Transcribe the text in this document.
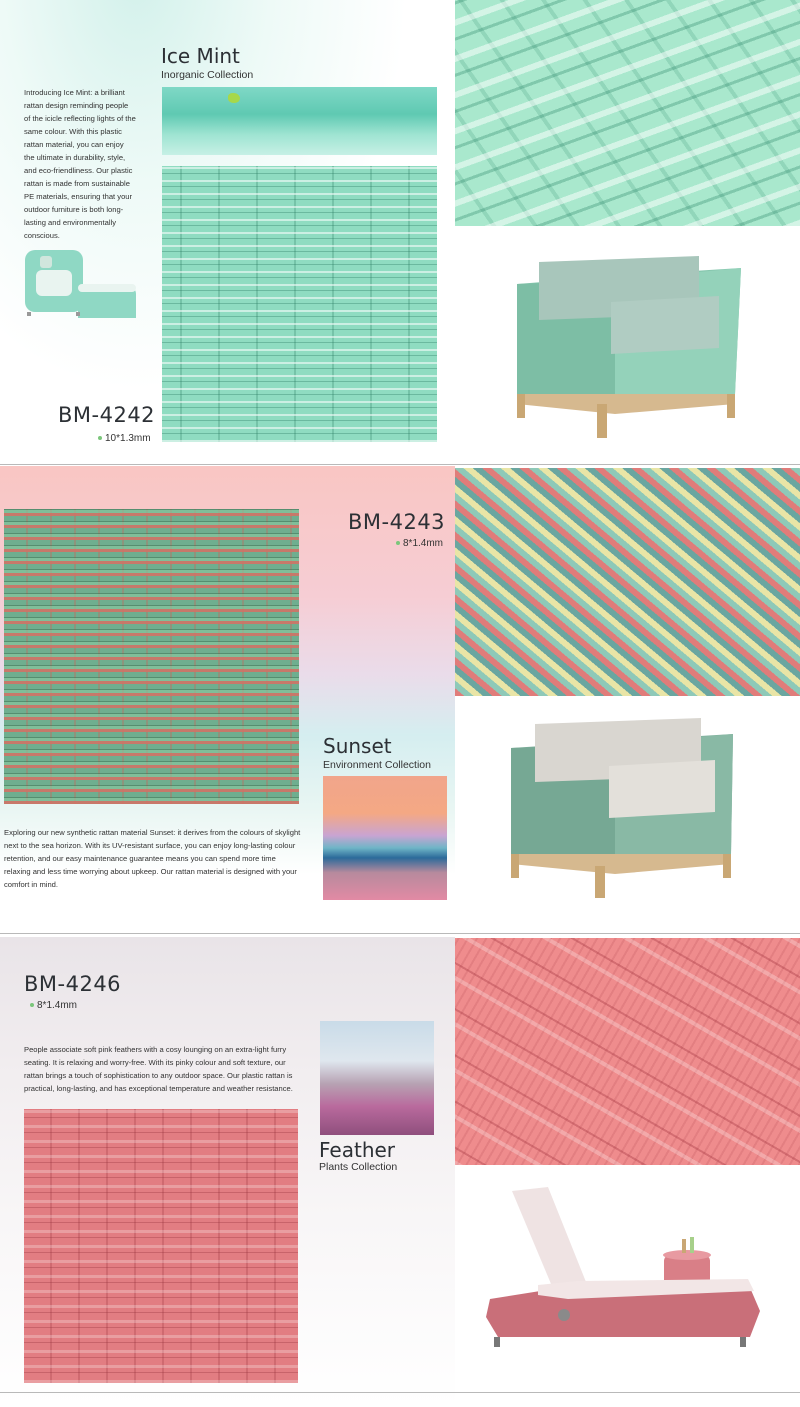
Introducing Ice Mint: a brilliant rattan design reminding people of the icicle reflecting lights of the same colour. With this plastic rattan material, you can enjoy the ultimate in durability, style, and eco-friendliness. Our plastic rattan is made from sustainable PE materials, ensuring that your outdoor furniture is both long-lasting and environmentally conscious.
Ice Mint
Inorganic Collection
BM-4242
10*1.3mm
BM-4243
8*1.4mm
Sunset
Environment Collection
Exploring our new synthetic rattan material Sunset: it derives from the colours of skylight next to the sea horizon. With its UV-resistant surface, you can enjoy long-lasting colour retention, and our easy maintenance guarantee means you can spend more time relaxing and less time worrying about upkeep. Our rattan material is designed with your comfort in mind.
BM-4246
8*1.4mm
People associate soft pink feathers with a cosy lounging on an extra-light furry seating. It is relaxing and worry-free. With its pinky colour and soft texture, our rattan brings a touch of sophistication to any outdoor space. Our plastic rattan is practical, long-lasting, and has exceptional temperature and weather resistance.
Feather
Plants Collection
